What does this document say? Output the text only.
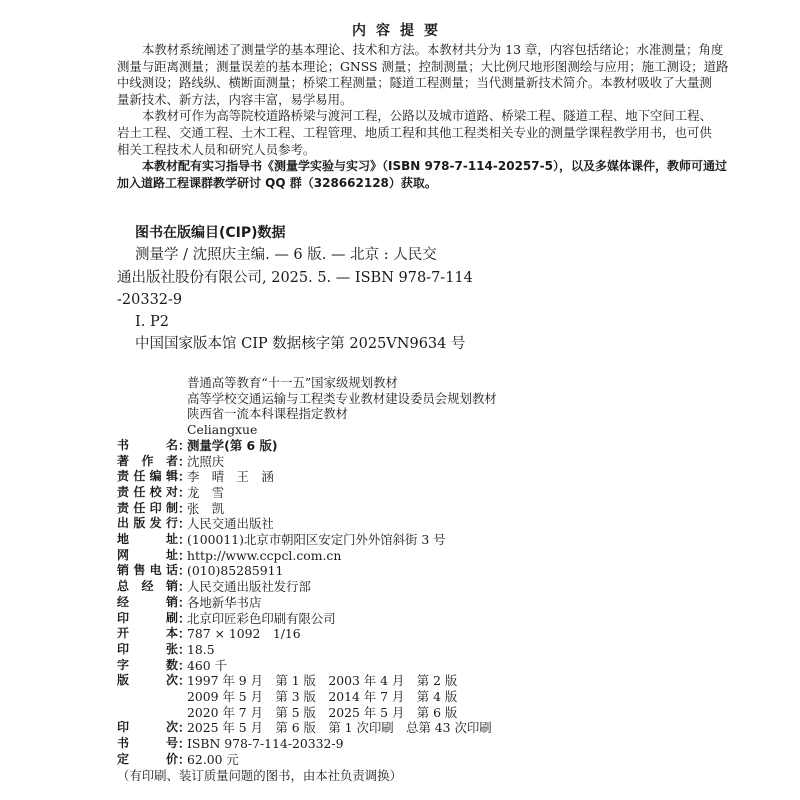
内容提要
本教材系统阐述了测量学的基本理论、技术和方法。本教材共分为 13 章，内容包括绪论；水准测量；角度
测量与距离测量；测量误差的基本理论；GNSS 测量；控制测量；大比例尺地形图测绘与应用；施工测设；道路
中线测设；路线纵、横断面测量；桥梁工程测量；隧道工程测量；当代测量新技术简介。本教材吸收了大量测
量新技术、新方法，内容丰富，易学易用。
本教材可作为高等院校道路桥梁与渡河工程，公路以及城市道路、桥梁工程、隧道工程、地下空间工程、
岩土工程、交通工程、土木工程、工程管理、地质工程和其他工程类相关专业的测量学课程教学用书，也可供
相关工程技术人员和研究人员参考。
本教材配有实习指导书《测量学实验与实习》（ISBN 978-7-114-20257-5），以及多媒体课件，教师可通过
加入道路工程课群教学研讨 QQ 群（328662128）获取。
图书在版编目(CIP)数据
测量学 / 沈照庆主编. — 6 版. — 北京 : 人民交
通出版社股份有限公司, 2025. 5. — ISBN 978-7-114
-20332-9
Ⅰ. P2
中国国家版本馆 CIP 数据核字第 2025VN9634 号
普通高等教育“十一五”国家级规划教材
高等学校交通运输与工程类专业教材建设委员会规划教材
陕西省一流本科课程指定教材
Celiangxue
书名 ：
测量学(第 6 版)
著作者 ：
沈照庆
责任编辑 ：
李　晴　王　涵
责任校对 ：
龙　雪
责任印制 ：
张　凯
出版发行 ：
人民交通出版社
地址 ：
(100011)北京市朝阳区安定门外外馆斜街 3 号
网址 ：
http://www.ccpcl.com.cn
销售电话 ：
(010)85285911
总经销 ：
人民交通出版社发行部
经销 ：
各地新华书店
印刷 ：
北京印匠彩色印刷有限公司
开本 ：
787 × 1092　1/16
印张 ：
18.5
字数 ：
460 千
版次 ：
1997 年 9 月　第 1 版　2003 年 4 月　第 2 版
2009 年 5 月　第 3 版　2014 年 7 月　第 4 版
2020 年 7 月　第 5 版　2025 年 5 月　第 6 版
印次 ：
2025 年 5 月　第 6 版　第 1 次印刷　总第 43 次印刷
书号 ：
ISBN 978-7-114-20332-9
定价 ：
62.00 元
（有印刷、装订质量问题的图书，由本社负责调换）
